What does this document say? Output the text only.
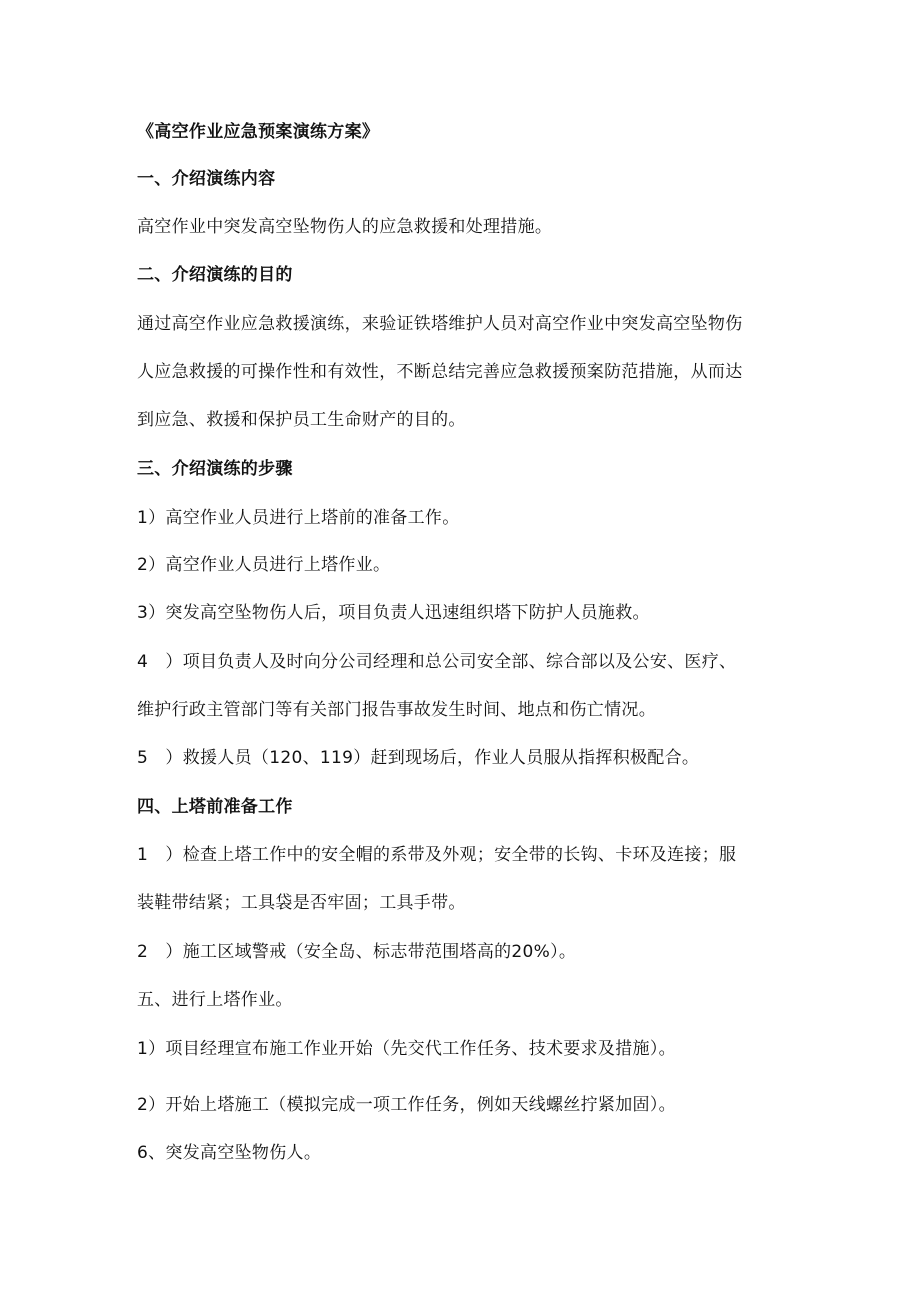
《高空作业应急预案演练方案》
一、介绍演练内容
高空作业中突发高空坠物伤人的应急救援和处理措施。
二、介绍演练的目的
通过高空作业应急救援演练，来验证铁塔维护人员对高空作业中突发高空坠物伤
人应急救援的可操作性和有效性，不断总结完善应急救援预案防范措施，从而达
到应急、救援和保护员工生命财产的目的。
三、介绍演练的步骤
1）高空作业人员进行上塔前的准备工作。
2）高空作业人员进行上塔作业。
3）突发高空坠物伤人后，项目负责人迅速组织塔下防护人员施救。
4　）项目负责人及时向分公司经理和总公司安全部、综合部以及公安、医疗、
维护行政主管部门等有关部门报告事故发生时间、地点和伤亡情况。
5　）救援人员（120、119）赶到现场后，作业人员服从指挥积极配合。
四、上塔前准备工作
1　）检查上塔工作中的安全帽的系带及外观；安全带的长钩、卡环及连接；服
装鞋带结紧；工具袋是否牢固；工具手带。
2　）施工区域警戒（安全岛、标志带范围塔高的20%）。
五、进行上塔作业。
1）项目经理宣布施工作业开始（先交代工作任务、技术要求及措施）。
2）开始上塔施工（模拟完成一项工作任务，例如天线螺丝拧紧加固）。
6、突发高空坠物伤人。
